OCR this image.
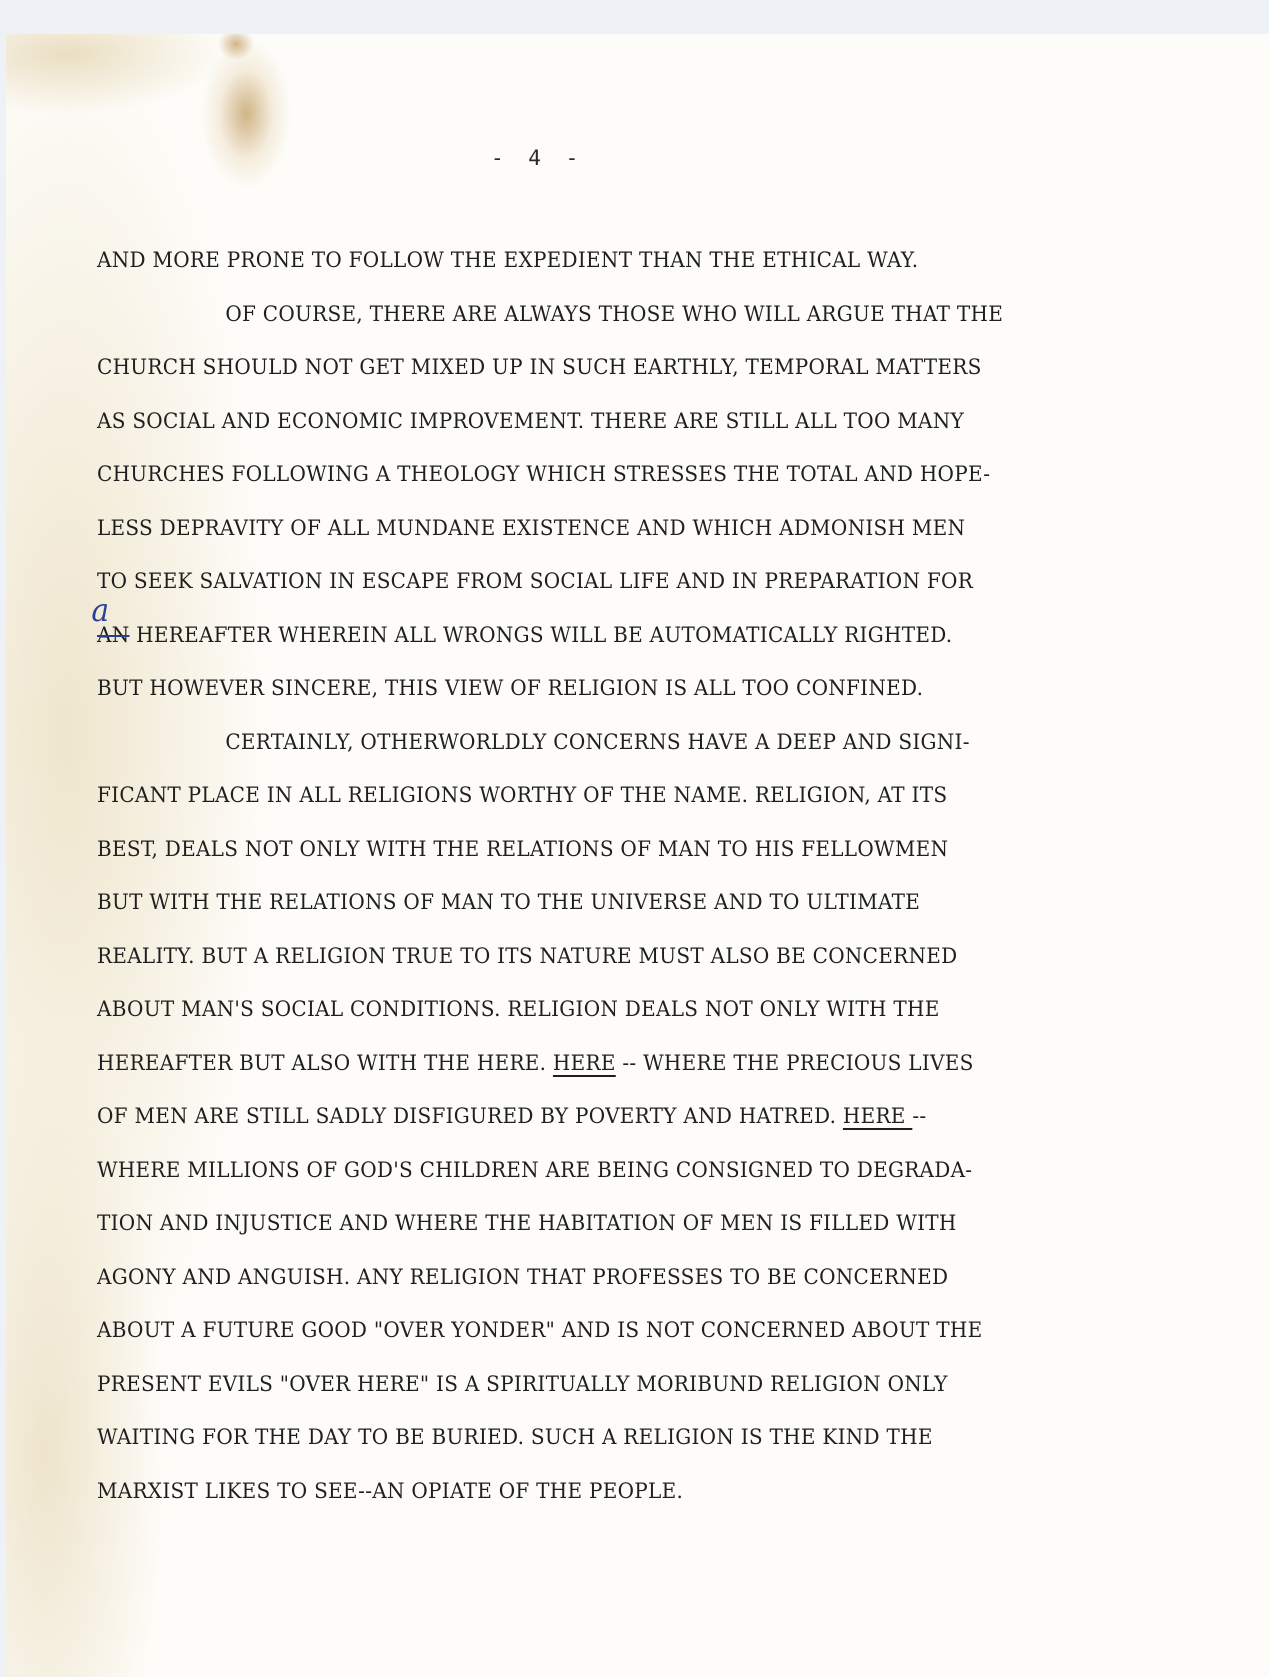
- 4 -
AND MORE PRONE TO FOLLOW THE EXPEDIENT THAN THE ETHICAL WAY.
OF COURSE, THERE ARE ALWAYS THOSE WHO WILL ARGUE THAT THE
CHURCH SHOULD NOT GET MIXED UP IN SUCH EARTHLY, TEMPORAL MATTERS
AS SOCIAL AND ECONOMIC IMPROVEMENT. THERE ARE STILL ALL TOO MANY
CHURCHES FOLLOWING A THEOLOGY WHICH STRESSES THE TOTAL AND HOPE-
LESS DEPRAVITY OF ALL MUNDANE EXISTENCE AND WHICH ADMONISH MEN
TO SEEK SALVATION IN ESCAPE FROM SOCIAL LIFE AND IN PREPARATION FOR
a
AN HEREAFTER WHEREIN ALL WRONGS WILL BE AUTOMATICALLY RIGHTED.
BUT HOWEVER SINCERE, THIS VIEW OF RELIGION IS ALL TOO CONFINED.
CERTAINLY, OTHERWORLDLY CONCERNS HAVE A DEEP AND SIGNI-
FICANT PLACE IN ALL RELIGIONS WORTHY OF THE NAME. RELIGION, AT ITS
BEST, DEALS NOT ONLY WITH THE RELATIONS OF MAN TO HIS FELLOWMEN
BUT WITH THE RELATIONS OF MAN TO THE UNIVERSE AND TO ULTIMATE
REALITY. BUT A RELIGION TRUE TO ITS NATURE MUST ALSO BE CONCERNED
ABOUT MAN'S SOCIAL CONDITIONS. RELIGION DEALS NOT ONLY WITH THE
HEREAFTER BUT ALSO WITH THE HERE. HERE -- WHERE THE PRECIOUS LIVES
OF MEN ARE STILL SADLY DISFIGURED BY POVERTY AND HATRED. HERE --
WHERE MILLIONS OF GOD'S CHILDREN ARE BEING CONSIGNED TO DEGRADA-
TION AND INJUSTICE AND WHERE THE HABITATION OF MEN IS FILLED WITH
AGONY AND ANGUISH. ANY RELIGION THAT PROFESSES TO BE CONCERNED
ABOUT A FUTURE GOOD "OVER YONDER" AND IS NOT CONCERNED ABOUT THE
PRESENT EVILS "OVER HERE" IS A SPIRITUALLY MORIBUND RELIGION ONLY
WAITING FOR THE DAY TO BE BURIED. SUCH A RELIGION IS THE KIND THE
MARXIST LIKES TO SEE--AN OPIATE OF THE PEOPLE.
